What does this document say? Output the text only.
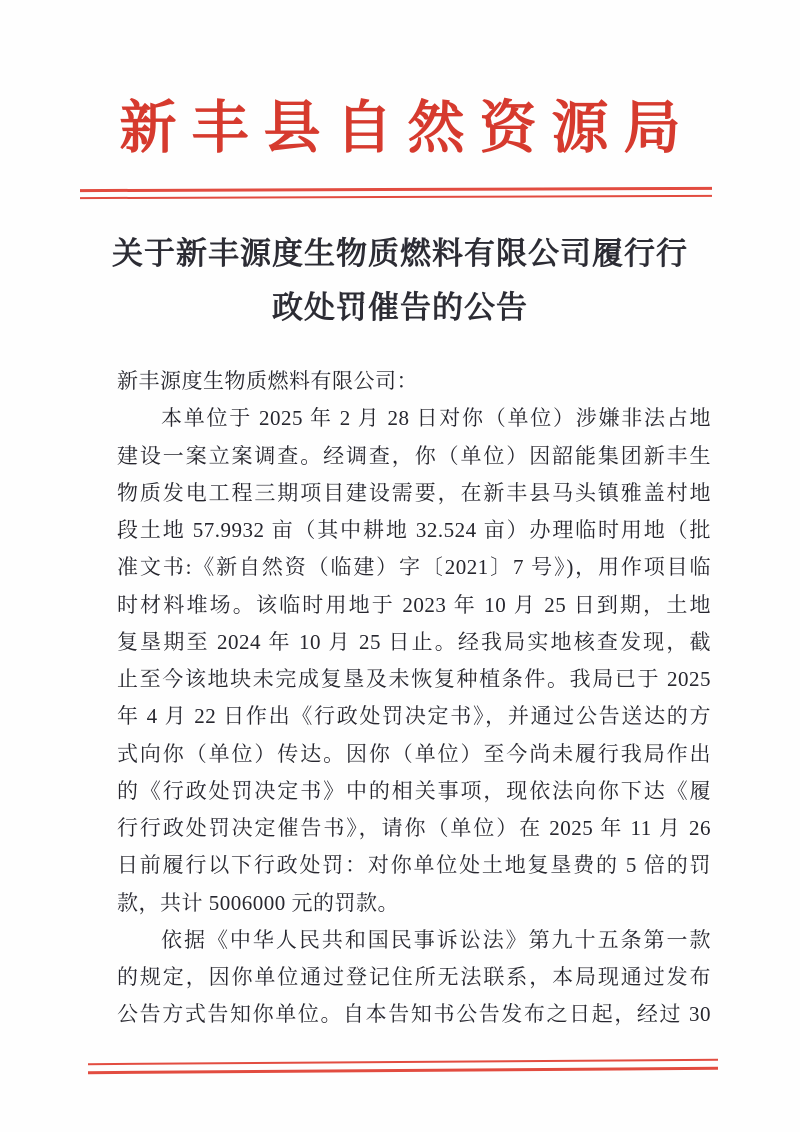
新丰县自然资源局
关于新丰源度生物质燃料有限公司履行行
政处罚催告的公告
新丰源度生物质燃料有限公司：
本单位于 2025 年 2 月 28 日对你（单位）涉嫌非法占地
建设一案立案调查。经调查，你（单位）因韶能集团新丰生
物质发电工程三期项目建设需要，在新丰县马头镇雅盖村地
段土地 57.9932 亩（其中耕地 32.524 亩）办理临时用地（批
准文书:《新自然资（临建）字〔2021〕7 号》)，用作项目临
时材料堆场。该临时用地于 2023 年 10 月 25 日到期，土地
复垦期至 2024 年 10 月 25 日止。经我局实地核查发现，截
止至今该地块未完成复垦及未恢复种植条件。我局已于 2025
年 4 月 22 日作出《行政处罚决定书》，并通过公告送达的方
式向你（单位）传达。因你（单位）至今尚未履行我局作出
的《行政处罚决定书》中的相关事项，现依法向你下达《履
行行政处罚决定催告书》，请你（单位）在 2025 年 11 月 26
日前履行以下行政处罚：对你单位处土地复垦费的 5 倍的罚
款，共计 5006000 元的罚款。
依据《中华人民共和国民事诉讼法》第九十五条第一款
的规定，因你单位通过登记住所无法联系，本局现通过发布
公告方式告知你单位。自本告知书公告发布之日起，经过 30
